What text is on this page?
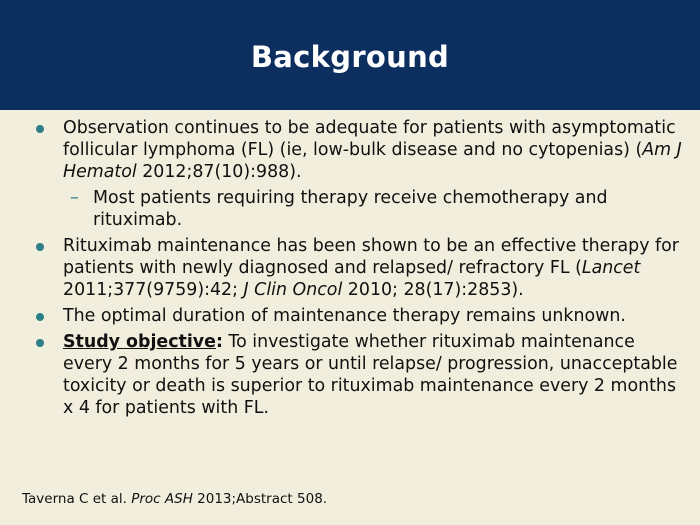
Background
Observation continues to be adequate for patients with asymptomatic follicular lymphoma (FL) (ie, low-bulk disease and no cytopenias) (Am J Hematol 2012;87(10):988).
– Most patients requiring therapy receive chemotherapy and rituximab.
Rituximab maintenance has been shown to be an effective therapy for patients with newly diagnosed and relapsed/ refractory FL (Lancet 2011;377(9759):42; J Clin Oncol 2010; 28(17):2853).
The optimal duration of maintenance therapy remains unknown.
Study objective: To investigate whether rituximab maintenance every 2 months for 5 years or until relapse/ progression, unacceptable toxicity or death is superior to rituximab maintenance every 2 months x 4 for patients with FL.
Taverna C et al. Proc ASH 2013;Abstract 508.
